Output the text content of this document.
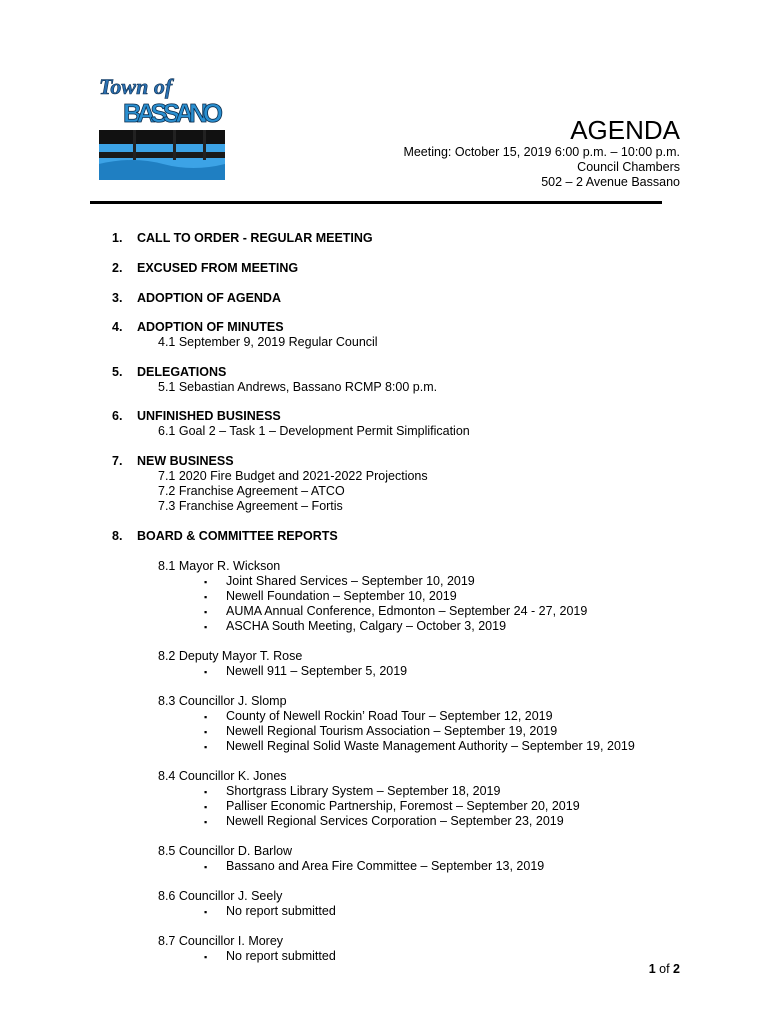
Town of
BASSANO
AGENDA
Meeting: October 15, 2019 6:00 p.m. – 10:00 p.m.
Council Chambers
502 – 2 Avenue Bassano
1. CALL TO ORDER - REGULAR MEETING
2. EXCUSED FROM MEETING
3. ADOPTION OF AGENDA
4. ADOPTION OF MINUTES
4.1 September 9, 2019 Regular Council
5. DELEGATIONS
5.1 Sebastian Andrews, Bassano RCMP 8:00 p.m.
6. UNFINISHED BUSINESS
6.1 Goal 2 – Task 1 – Development Permit Simplification
7. NEW BUSINESS
7.1 2020 Fire Budget and 2021-2022 Projections
7.2 Franchise Agreement – ATCO
7.3 Franchise Agreement – Fortis
8. BOARD & COMMITTEE REPORTS
8.1 Mayor R. Wickson
▪ Joint Shared Services – September 10, 2019
▪ Newell Foundation – September 10, 2019
▪ AUMA Annual Conference, Edmonton – September 24 - 27, 2019
▪ ASCHA South Meeting, Calgary – October 3, 2019
8.2 Deputy Mayor T. Rose
▪ Newell 911 – September 5, 2019
8.3 Councillor J. Slomp
▪ County of Newell Rockin’ Road Tour – September 12, 2019
▪ Newell Regional Tourism Association – September 19, 2019
▪ Newell Reginal Solid Waste Management Authority – September 19, 2019
8.4 Councillor K. Jones
▪ Shortgrass Library System – September 18, 2019
▪ Palliser Economic Partnership, Foremost – September 20, 2019
▪ Newell Regional Services Corporation – September 23, 2019
8.5 Councillor D. Barlow
▪ Bassano and Area Fire Committee – September 13, 2019
8.6 Councillor J. Seely
▪ No report submitted
8.7 Councillor I. Morey
▪ No report submitted
1 of 2
